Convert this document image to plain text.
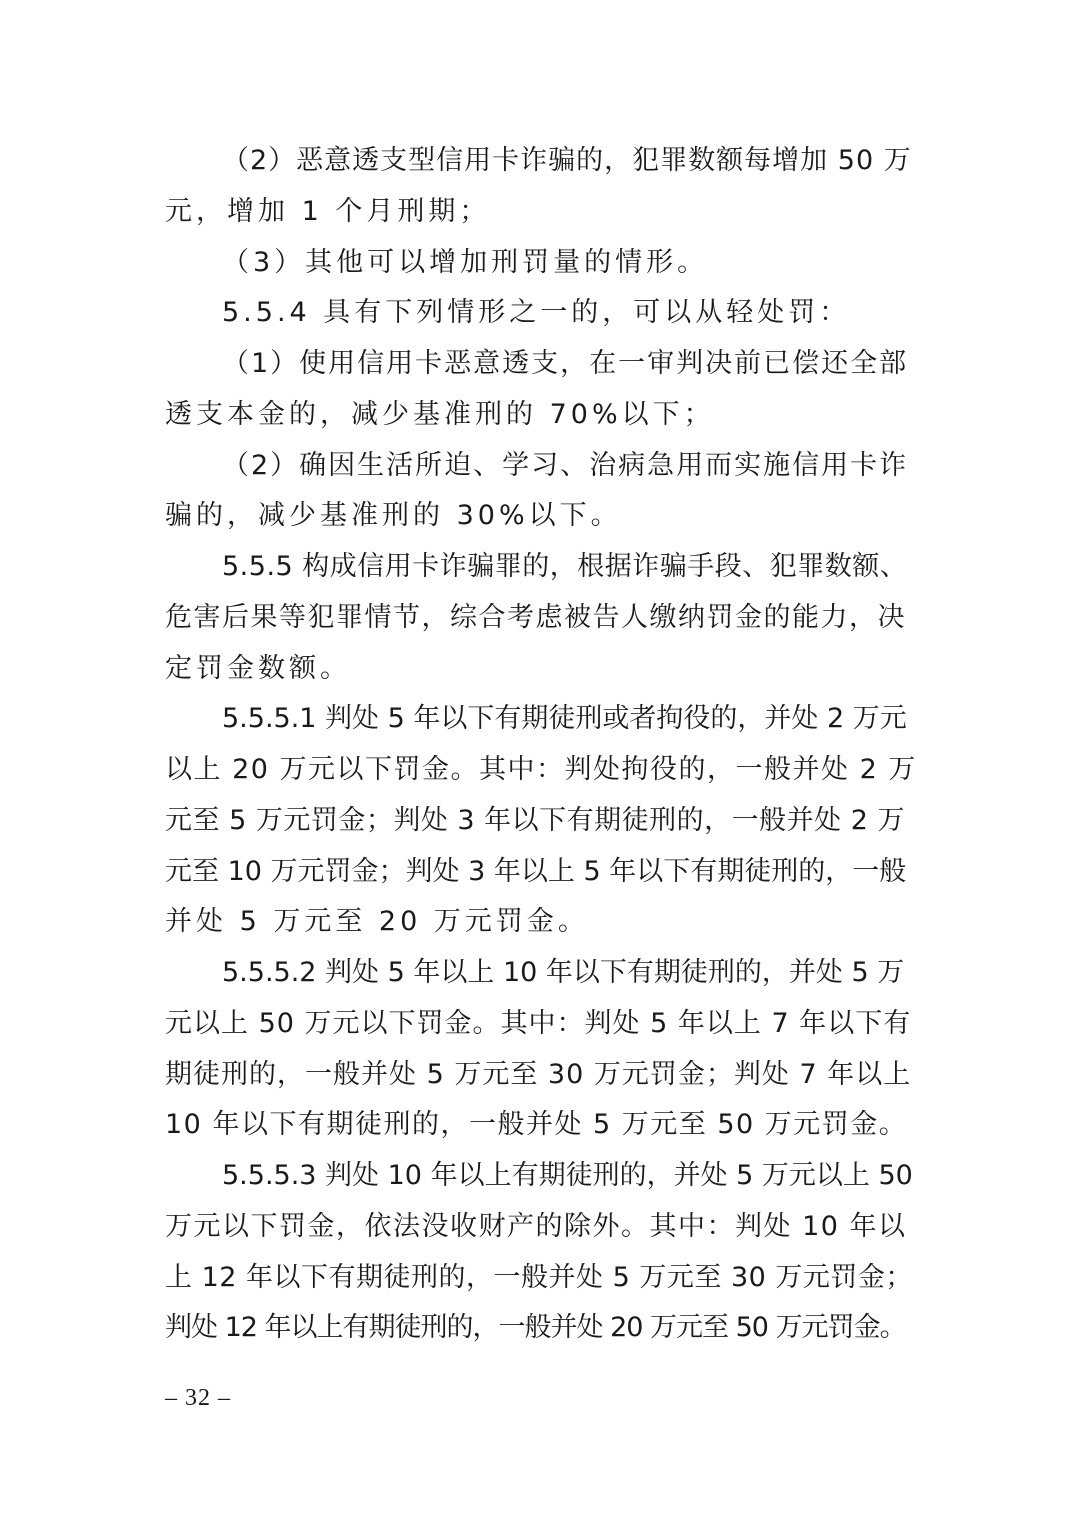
（2）恶意透支型信用卡诈骗的，犯罪数额每增加 50 万
元，增加 1 个月刑期；
（3）其他可以增加刑罚量的情形。
5.5.4 具有下列情形之一的，可以从轻处罚：
（1）使用信用卡恶意透支，在一审判决前已偿还全部
透支本金的，减少基准刑的 70%以下；
（2）确因生活所迫、学习、治病急用而实施信用卡诈
骗的，减少基准刑的 30%以下。
5.5.5 构成信用卡诈骗罪的，根据诈骗手段、犯罪数额、
危害后果等犯罪情节，综合考虑被告人缴纳罚金的能力，决
定罚金数额。
5.5.5.1 判处 5 年以下有期徒刑或者拘役的，并处 2 万元
以上 20 万元以下罚金。其中：判处拘役的，一般并处 2 万
元至 5 万元罚金；判处 3 年以下有期徒刑的，一般并处 2 万
元至 10 万元罚金；判处 3 年以上 5 年以下有期徒刑的，一般
并处 5 万元至 20 万元罚金。
5.5.5.2 判处 5 年以上 10 年以下有期徒刑的，并处 5 万
元以上 50 万元以下罚金。其中：判处 5 年以上 7 年以下有
期徒刑的，一般并处 5 万元至 30 万元罚金；判处 7 年以上
10 年以下有期徒刑的，一般并处 5 万元至 50 万元罚金。
5.5.5.3 判处 10 年以上有期徒刑的，并处 5 万元以上 50
万元以下罚金，依法没收财产的除外。其中：判处 10 年以
上 12 年以下有期徒刑的，一般并处 5 万元至 30 万元罚金；
判处 12 年以上有期徒刑的，一般并处 20 万元至 50 万元罚金。
– 32 –
